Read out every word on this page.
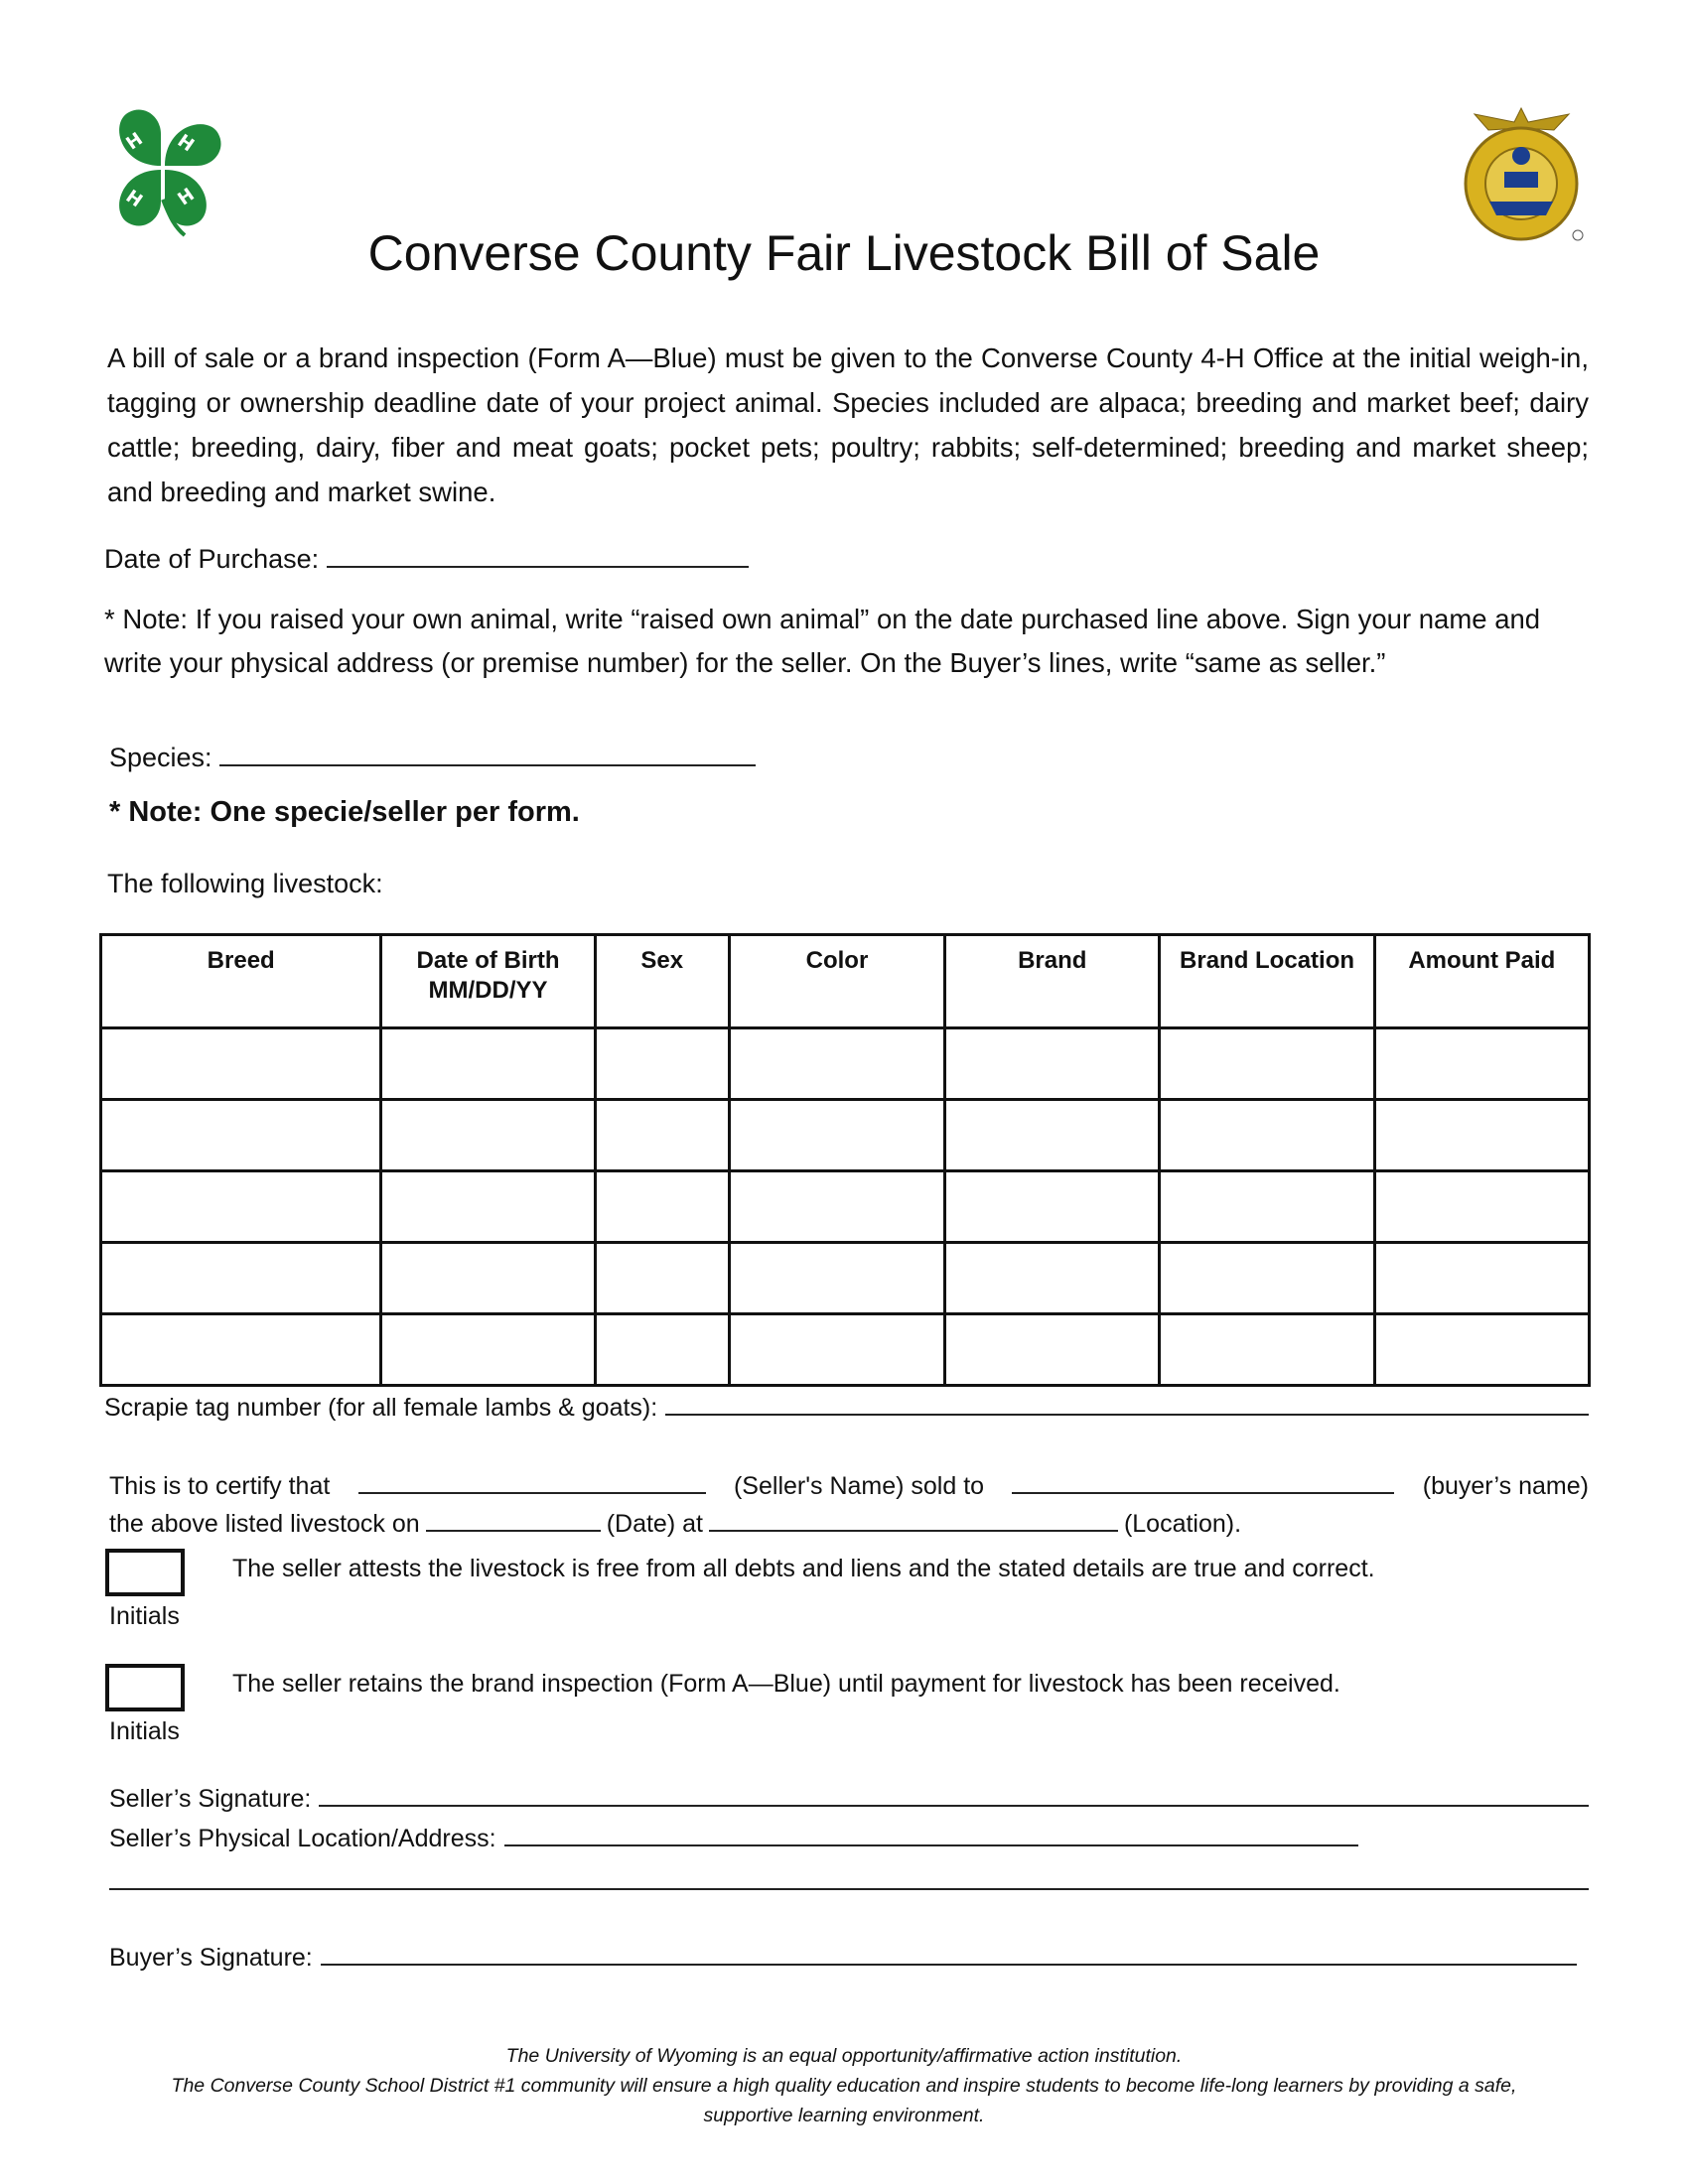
H H
H H
Converse County Fair Livestock Bill of Sale
A bill of sale or a brand inspection (Form A—Blue) must be given to the Converse County 4-H Office at the initial weigh-in, tagging or ownership deadline date of your project animal. Species included are alpaca; breeding and market beef; dairy cattle; breeding, dairy, fiber and meat goats; pocket pets; poultry; rabbits; self-determined; breeding and market sheep; and breeding and market swine.
Date of Purchase:
* Note: If you raised your own animal, write “raised own animal” on the date purchased line above. Sign your name and write your physical address (or premise number) for the seller. On the Buyer’s lines, write “same as seller.”
Species:
* Note: One specie/seller per form.
The following livestock:
Breed	Date of Birth MM/DD/YY	Sex	Color	Brand	Brand Location	Amount Paid

Scrapie tag number (for all female lambs & goats):
This is to certify that	(Seller's Name) sold to	(buyer’s name)
the above listed livestock on	(Date) at	(Location).
The seller attests the livestock is free from all debts and liens and the stated details are true and correct.
Initials
The seller retains the brand inspection (Form A—Blue) until payment for livestock has been received.
Initials
Seller’s Signature:
Seller’s Physical Location/Address:
Buyer’s Signature:
The University of Wyoming is an equal opportunity/affirmative action institution.
The Converse County School District #1 community will ensure a high quality education and inspire students to become life-long learners by providing a safe,
supportive learning environment.
